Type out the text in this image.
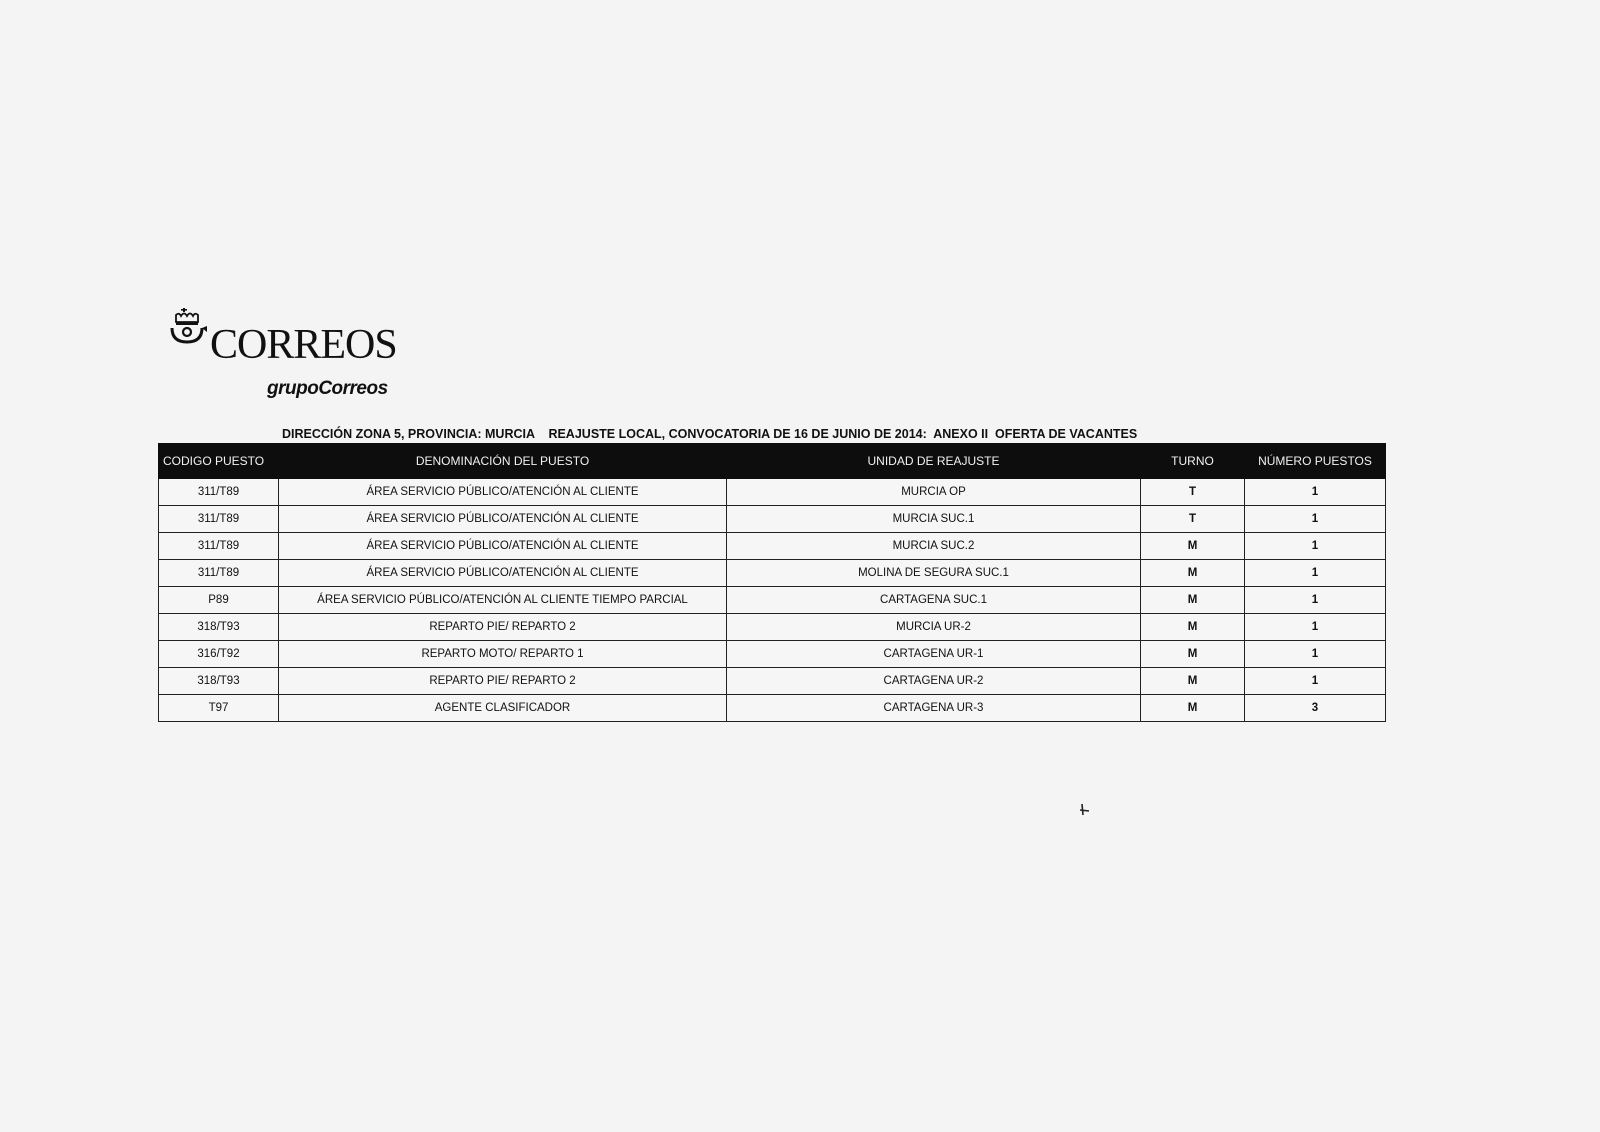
CORREOS
grupoCorreos
DIRECCIÓN ZONA 5, PROVINCIA: MURCIA    REAJUSTE LOCAL, CONVOCATORIA DE 16 DE JUNIO DE 2014:  ANEXO II  OFERTA DE VACANTES
CODIGO PUESTO	DENOMINACIÓN DEL PUESTO	UNIDAD DE REAJUSTE	TURNO	NÚMERO PUESTOS
311/T89	ÁREA SERVICIO PÚBLICO/ATENCIÓN AL CLIENTE	MURCIA OP	T	1
311/T89	ÁREA SERVICIO PÚBLICO/ATENCIÓN AL CLIENTE	MURCIA SUC.1	T	1
311/T89	ÁREA SERVICIO PÚBLICO/ATENCIÓN AL CLIENTE	MURCIA SUC.2	M	1
311/T89	ÁREA SERVICIO PÚBLICO/ATENCIÓN AL CLIENTE	MOLINA DE SEGURA SUC.1	M	1
P89	ÁREA SERVICIO PÚBLICO/ATENCIÓN AL CLIENTE TIEMPO PARCIAL	CARTAGENA SUC.1	M	1
318/T93	REPARTO PIE/ REPARTO 2	MURCIA UR-2	M	1
316/T92	REPARTO MOTO/ REPARTO 1	CARTAGENA UR-1	M	1
318/T93	REPARTO PIE/ REPARTO 2	CARTAGENA UR-2	M	1
T97	AGENTE CLASIFICADOR	CARTAGENA UR-3	M	3
